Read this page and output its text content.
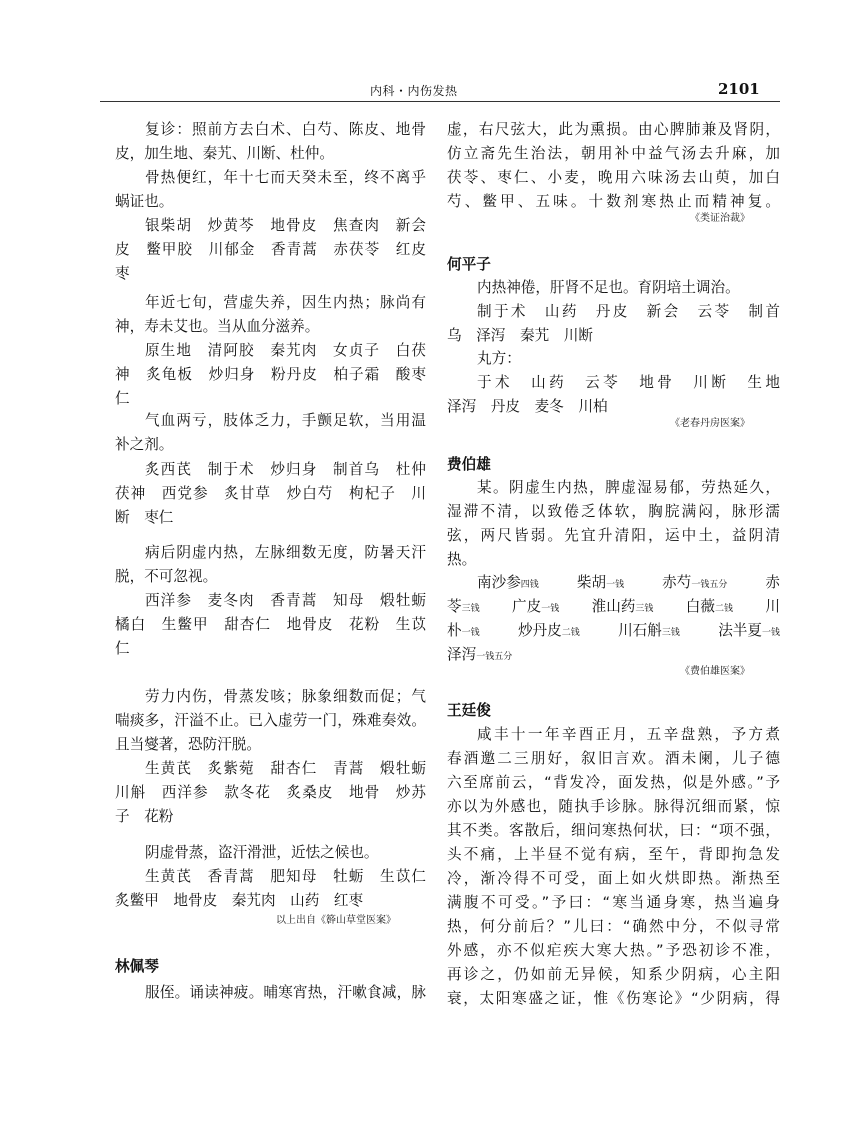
内科・内伤发热	2101
复诊：照前方去白术、白芍、陈皮、地骨
皮，加生地、秦艽、川断、杜仲。
骨热便红，年十七而天癸未至，终不离乎
蜗证也。
银柴胡　炒黄芩　地骨皮　焦查肉　新会
皮　鳖甲胶　川郁金　香青蒿　赤茯苓　红皮
枣
年近七旬，营虚失养，因生内热；脉尚有
神，寿未艾也。当从血分滋养。
原生地　清阿胶　秦艽肉　女贞子　白茯
神　炙龟板　炒归身　粉丹皮　柏子霜　酸枣
仁
气血两亏，肢体乏力，手颤足软，当用温
补之剂。
炙西芪　制于术　炒归身　制首乌　杜仲
茯神　西党参　炙甘草　炒白芍　枸杞子　川
断　枣仁
病后阴虚内热，左脉细数无度，防暑天汗
脱，不可忽视。
西洋参　麦冬肉　香青蒿　知母　煅牡蛎
橘白　生鳖甲　甜杏仁　地骨皮　花粉　生苡
仁
劳力内伤，骨蒸发咳；脉象细数而促；气
喘痰多，汗溢不止。已入虚劳一门，殊难奏效。
且当燮著，恐防汗脱。
生黄芪　炙紫菀　甜杏仁　青蒿　煅牡蛎
川斛　西洋参　款冬花　炙桑皮　地骨　炒苏
子　花粉
阴虚骨蒸，盗汗滑泄，近怯之候也。
生黄芪　香青蒿　肥知母　牡蛎　生苡仁
炙鳖甲　地骨皮　秦艽肉　山药　红枣
以上出自《簳山草堂医案》
林佩琴
服侄。诵读神疲。晡寒宵热，汗嗽食减，脉
虚，右尺弦大，此为熏损。由心脾肺兼及肾阴，
仿立斋先生治法，朝用补中益气汤去升麻，加
茯苓、枣仁、小麦，晚用六味汤去山萸，加白
芍、鳖甲、五味。十数剂寒热止而精神复。
《类证治裁》
何平子
内热神倦，肝肾不足也。育阴培土调治。
制于术　山药　丹皮　新会　云苓　制首
乌　泽泻　秦艽　川断
丸方：
于术　山药　云苓　地骨　川断　生地
泽泻　丹皮　麦冬　川柏
《老春丹房医案》
费伯雄
某。阴虚生内热，脾虚湿易郁，劳热延久，
湿滞不清，以致倦乏体软，胸脘满闷，脉形濡
弦，两尺皆弱。先宜升清阳，运中土，益阴清
热。
南沙参四钱	柴胡一钱	赤芍一钱五分	赤
苓三钱 广皮一钱 淮山药三钱 白薇二钱 川
朴一钱	炒丹皮二钱	川石斛三钱	法半夏一钱
泽泻一钱五分
《费伯雄医案》
王廷俊
咸丰十一年辛酉正月，五辛盘熟，予方煮
春酒邀二三朋好，叙旧言欢。酒未阑，儿子德
六至席前云，“背发冷，面发热，似是外感。”予
亦以为外感也，随执手诊脉。脉得沉细而紧，惊
其不类。客散后，细问寒热何状，曰：“项不强，
头不痛，上半昼不觉有病，至午，背即拘急发
冷，渐冷得不可受，面上如火烘即热。渐热至
满腹不可受。”予曰：“寒当通身寒，热当遍身
热，何分前后？”儿曰：“确然中分，不似寻常
外感，亦不似疟疾大寒大热。”予恐初诊不准，
再诊之，仍如前无异候，知系少阴病，心主阳
衰，太阳寒盛之证，惟《伤寒论》“少阴病，得
